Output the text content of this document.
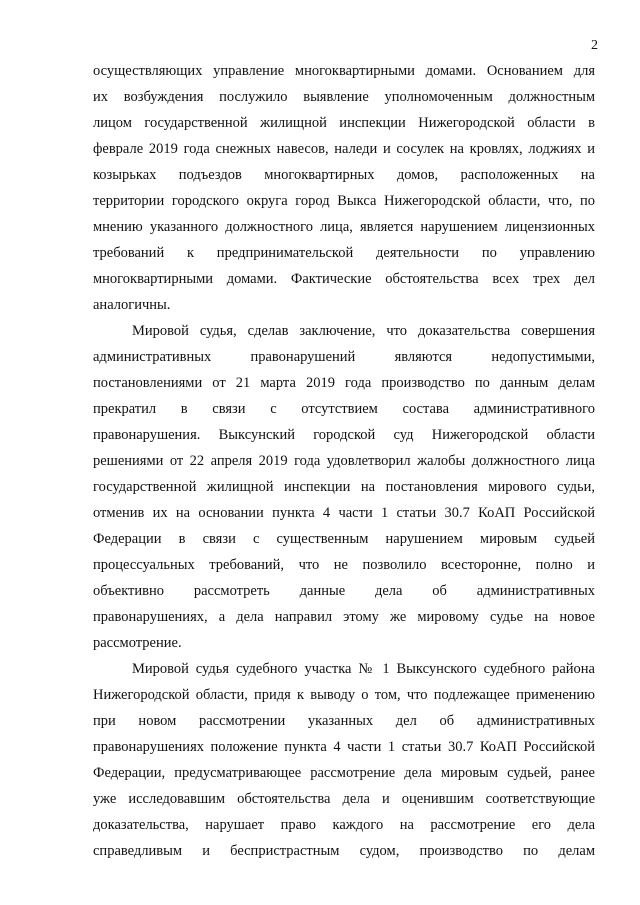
2
осуществляющих управление многоквартирными домами. Основанием для
их возбуждения послужило выявление уполномоченным должностным
лицом государственной жилищной инспекции Нижегородской области в
феврале 2019 года снежных навесов, наледи и сосулек на кровлях, лоджиях и
козырьках подъездов многоквартирных домов, расположенных на
территории городского округа город Выкса Нижегородской области, что, по
мнению указанного должностного лица, является нарушением лицензионных
требований к предпринимательской деятельности по управлению
многоквартирными домами. Фактические обстоятельства всех трех дел
аналогичны.
Мировой судья, сделав заключение, что доказательства совершения
административных правонарушений являются недопустимыми,
постановлениями от 21 марта 2019 года производство по данным делам
прекратил в связи с отсутствием состава административного
правонарушения. Выксунский городской суд Нижегородской области
решениями от 22 апреля 2019 года удовлетворил жалобы должностного лица
государственной жилищной инспекции на постановления мирового судьи,
отменив их на основании пункта 4 части 1 статьи 30.7 КоАП Российской
Федерации в связи с существенным нарушением мировым судьей
процессуальных требований, что не позволило всесторонне, полно и
объективно рассмотреть данные дела об административных
правонарушениях, а дела направил этому же мировому судье на новое
рассмотрение.
Мировой судья судебного участка № 1 Выксунского судебного района
Нижегородской области, придя к выводу о том, что подлежащее применению
при новом рассмотрении указанных дел об административных
правонарушениях положение пункта 4 части 1 статьи 30.7 КоАП Российской
Федерации, предусматривающее рассмотрение дела мировым судьей, ранее
уже исследовавшим обстоятельства дела и оценившим соответствующие
доказательства, нарушает право каждого на рассмотрение его дела
справедливым и беспристрастным судом, производство по делам
